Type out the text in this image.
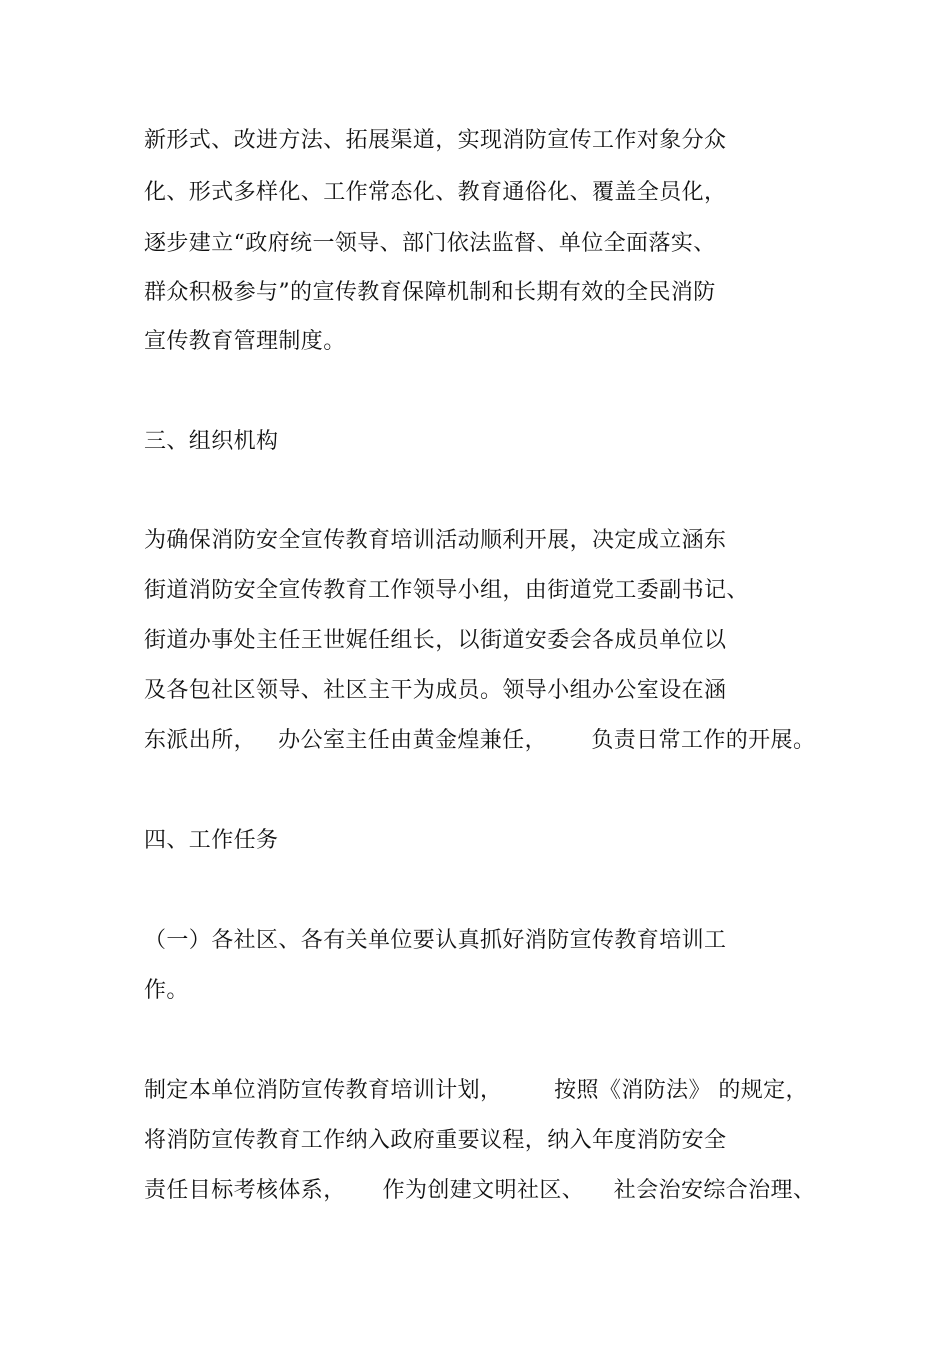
新形式、改进方法、拓展渠道，实现消防宣传工作对象分众
化、形式多样化、工作常态化、教育通俗化、覆盖全员化，
逐步建立“政府统一领导、部门依法监督、单位全面落实、
群众积极参与”的宣传教育保障机制和长期有效的全民消防
宣传教育管理制度。
三、组织机构
为确保消防安全宣传教育培训活动顺利开展，决定成立涵东
街道消防安全宣传教育工作领导小组，由街道党工委副书记、
街道办事处主任王世娓任组长，以街道安委会各成员单位以
及各包社区领导、社区主干为成员。领导小组办公室设在涵
东派出所，   办公室主任由黄金煌兼任，      负责日常工作的开展。
四、工作任务
（一）各社区、各有关单位要认真抓好消防宣传教育培训工
作。
制定本单位消防宣传教育培训计划，       按照《消防法》 的规定，
将消防宣传教育工作纳入政府重要议程，纳入年度消防安全
责任目标考核体系，     作为创建文明社区、    社会治安综合治理、
